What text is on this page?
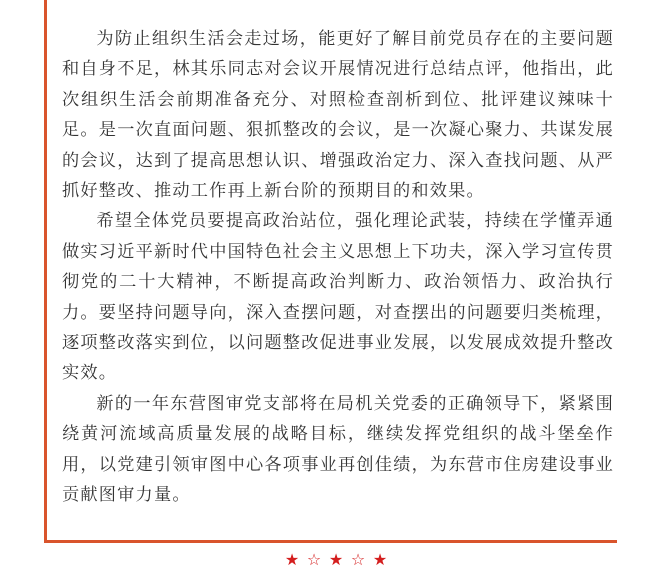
为防止组织生活会走过场，能更好了解目前党员存在的主要问题和自身不足，林其乐同志对会议开展情况进行总结点评，他指出，此次组织生活会前期准备充分、对照检查剖析到位、批评建议辣味十足。是一次直面问题、狠抓整改的会议，是一次凝心聚力、共谋发展的会议，达到了提高思想认识、增强政治定力、深入查找问题、从严抓好整改、推动工作再上新台阶的预期目的和效果。

希望全体党员要提高政治站位，强化理论武装，持续在学懂弄通做实习近平新时代中国特色社会主义思想上下功夫，深入学习宣传贯彻党的二十大精神，不断提高政治判断力、政治领悟力、政治执行力。要坚持问题导向，深入查摆问题，对查摆出的问题要归类梳理，逐项整改落实到位，以问题整改促进事业发展，以发展成效提升整改实效。

新的一年东营图审党支部将在局机关党委的正确领导下，紧紧围绕黄河流域高质量发展的战略目标，继续发挥党组织的战斗堡垒作用，以党建引领审图中心各项事业再创佳绩，为东营市住房建设事业贡献图审力量。

★ ☆ ★ ☆ ★
